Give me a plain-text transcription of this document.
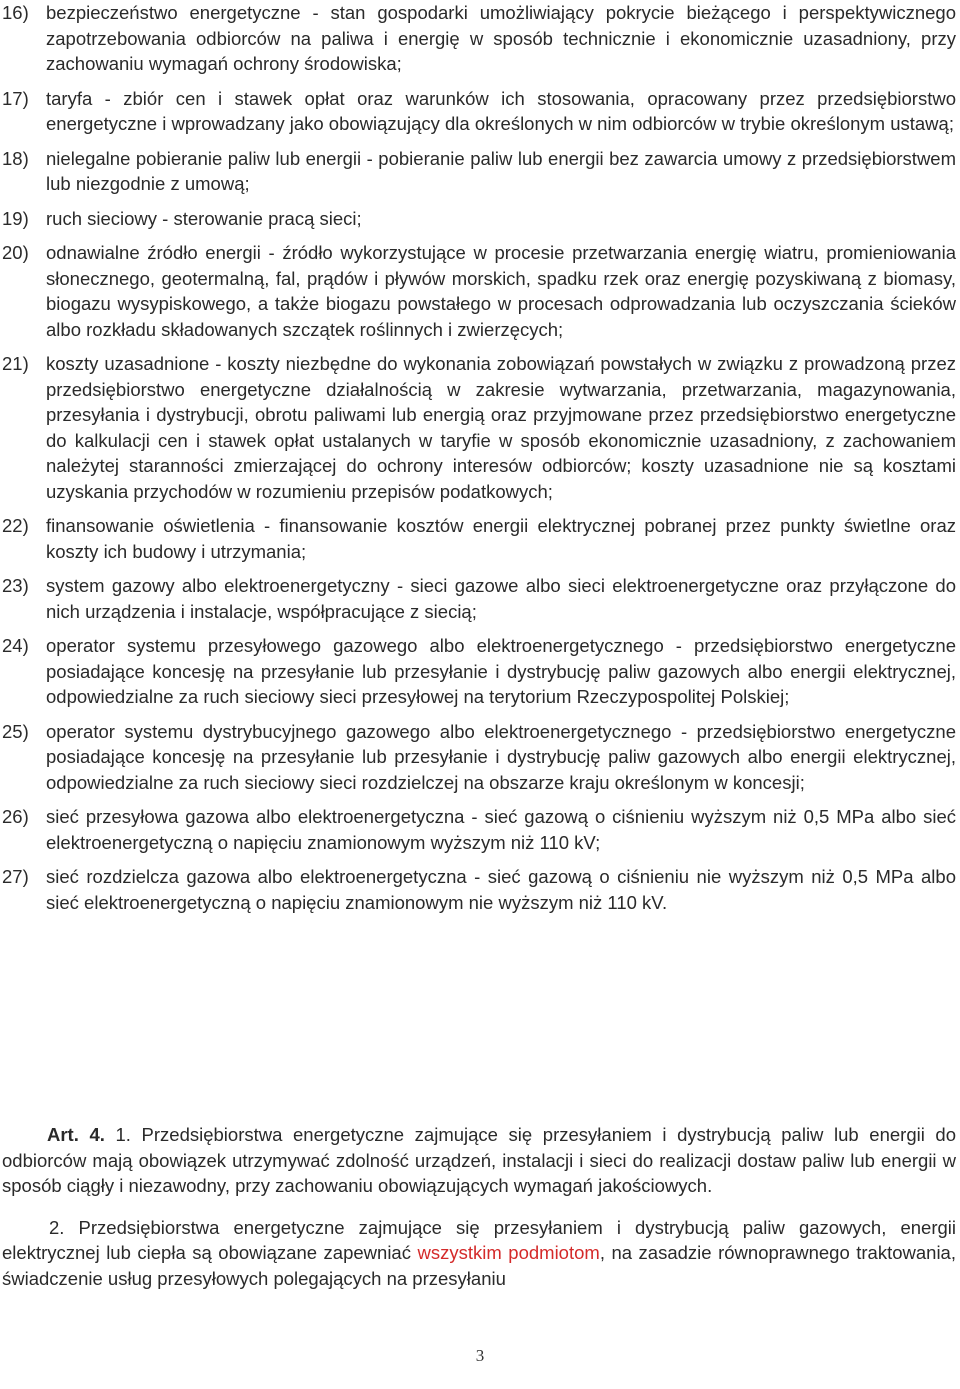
16) bezpieczeństwo energetyczne - stan gospodarki umożliwiający pokrycie bieżącego i perspektywicznego zapotrzebowania odbiorców na paliwa i energię w sposób technicznie i ekonomicznie uzasadniony, przy zachowaniu wymagań ochrony środowiska;
17) taryfa - zbiór cen i stawek opłat oraz warunków ich stosowania, opracowany przez przedsiębiorstwo energetyczne i wprowadzany jako obowiązujący dla określonych w nim odbiorców w trybie określonym ustawą;
18) nielegalne pobieranie paliw lub energii - pobieranie paliw lub energii bez zawarcia umowy z przedsiębiorstwem lub niezgodnie z umową;
19) ruch sieciowy - sterowanie pracą sieci;
20) odnawialne źródło energii - źródło wykorzystujące w procesie przetwarzania energię wiatru, promieniowania słonecznego, geotermalną, fal, prądów i pływów morskich, spadku rzek oraz energię pozyskiwaną z biomasy, biogazu wysypiskowego, a także biogazu powstałego w procesach odprowadzania lub oczyszczania ścieków albo rozkładu składowanych szczątek roślinnych i zwierzęcych;
21) koszty uzasadnione - koszty niezbędne do wykonania zobowiązań powstałych w związku z prowadzoną przez przedsiębiorstwo energetyczne działalnością w zakresie wytwarzania, przetwarzania, magazynowania, przesyłania i dystrybucji, obrotu paliwami lub energią oraz przyjmowane przez przedsiębiorstwo energetyczne do kalkulacji cen i stawek opłat ustalanych w taryfie w sposób ekonomicznie uzasadniony, z zachowaniem należytej staranności zmierzającej do ochrony interesów odbiorców; koszty uzasadnione nie są kosztami uzyskania przychodów w rozumieniu przepisów podatkowych;
22) finansowanie oświetlenia - finansowanie kosztów energii elektrycznej pobranej przez punkty świetlne oraz koszty ich budowy i utrzymania;
23) system gazowy albo elektroenergetyczny - sieci gazowe albo sieci elektroenergetyczne oraz przyłączone do nich urządzenia i instalacje, współpracujące z siecią;
24) operator systemu przesyłowego gazowego albo elektroenergetycznego - przedsiębiorstwo energetyczne posiadające koncesję na przesyłanie lub przesyłanie i dystrybucję paliw gazowych albo energii elektrycznej, odpowiedzialne za ruch sieciowy sieci przesyłowej na terytorium Rzeczypospolitej Polskiej;
25) operator systemu dystrybucyjnego gazowego albo elektroenergetycznego - przedsiębiorstwo energetyczne posiadające koncesję na przesyłanie lub przesyłanie i dystrybucję paliw gazowych albo energii elektrycznej, odpowiedzialne za ruch sieciowy sieci rozdzielczej na obszarze kraju określonym w koncesji;
26) sieć przesyłowa gazowa albo elektroenergetyczna - sieć gazową o ciśnieniu wyższym niż 0,5 MPa albo sieć elektroenergetyczną o napięciu znamionowym wyższym niż 110 kV;
27) sieć rozdzielcza gazowa albo elektroenergetyczna - sieć gazową o ciśnieniu nie wyższym niż 0,5 MPa albo sieć elektroenergetyczną o napięciu znamionowym nie wyższym niż 110 kV.

Art. 4. 1. Przedsiębiorstwa energetyczne zajmujące się przesyłaniem i dystrybucją paliw lub energii do odbiorców mają obowiązek utrzymywać zdolność urządzeń, instalacji i sieci do realizacji dostaw paliw lub energii w sposób ciągły i niezawodny, przy zachowaniu obowiązujących wymagań jakościowych.

2. Przedsiębiorstwa energetyczne zajmujące się przesyłaniem i dystrybucją paliw gazowych, energii elektrycznej lub ciepła są obowiązane zapewniać wszystkim podmiotom, na zasadzie równoprawnego traktowania, świadczenie usług przesyłowych polegających na przesyłaniu

3
